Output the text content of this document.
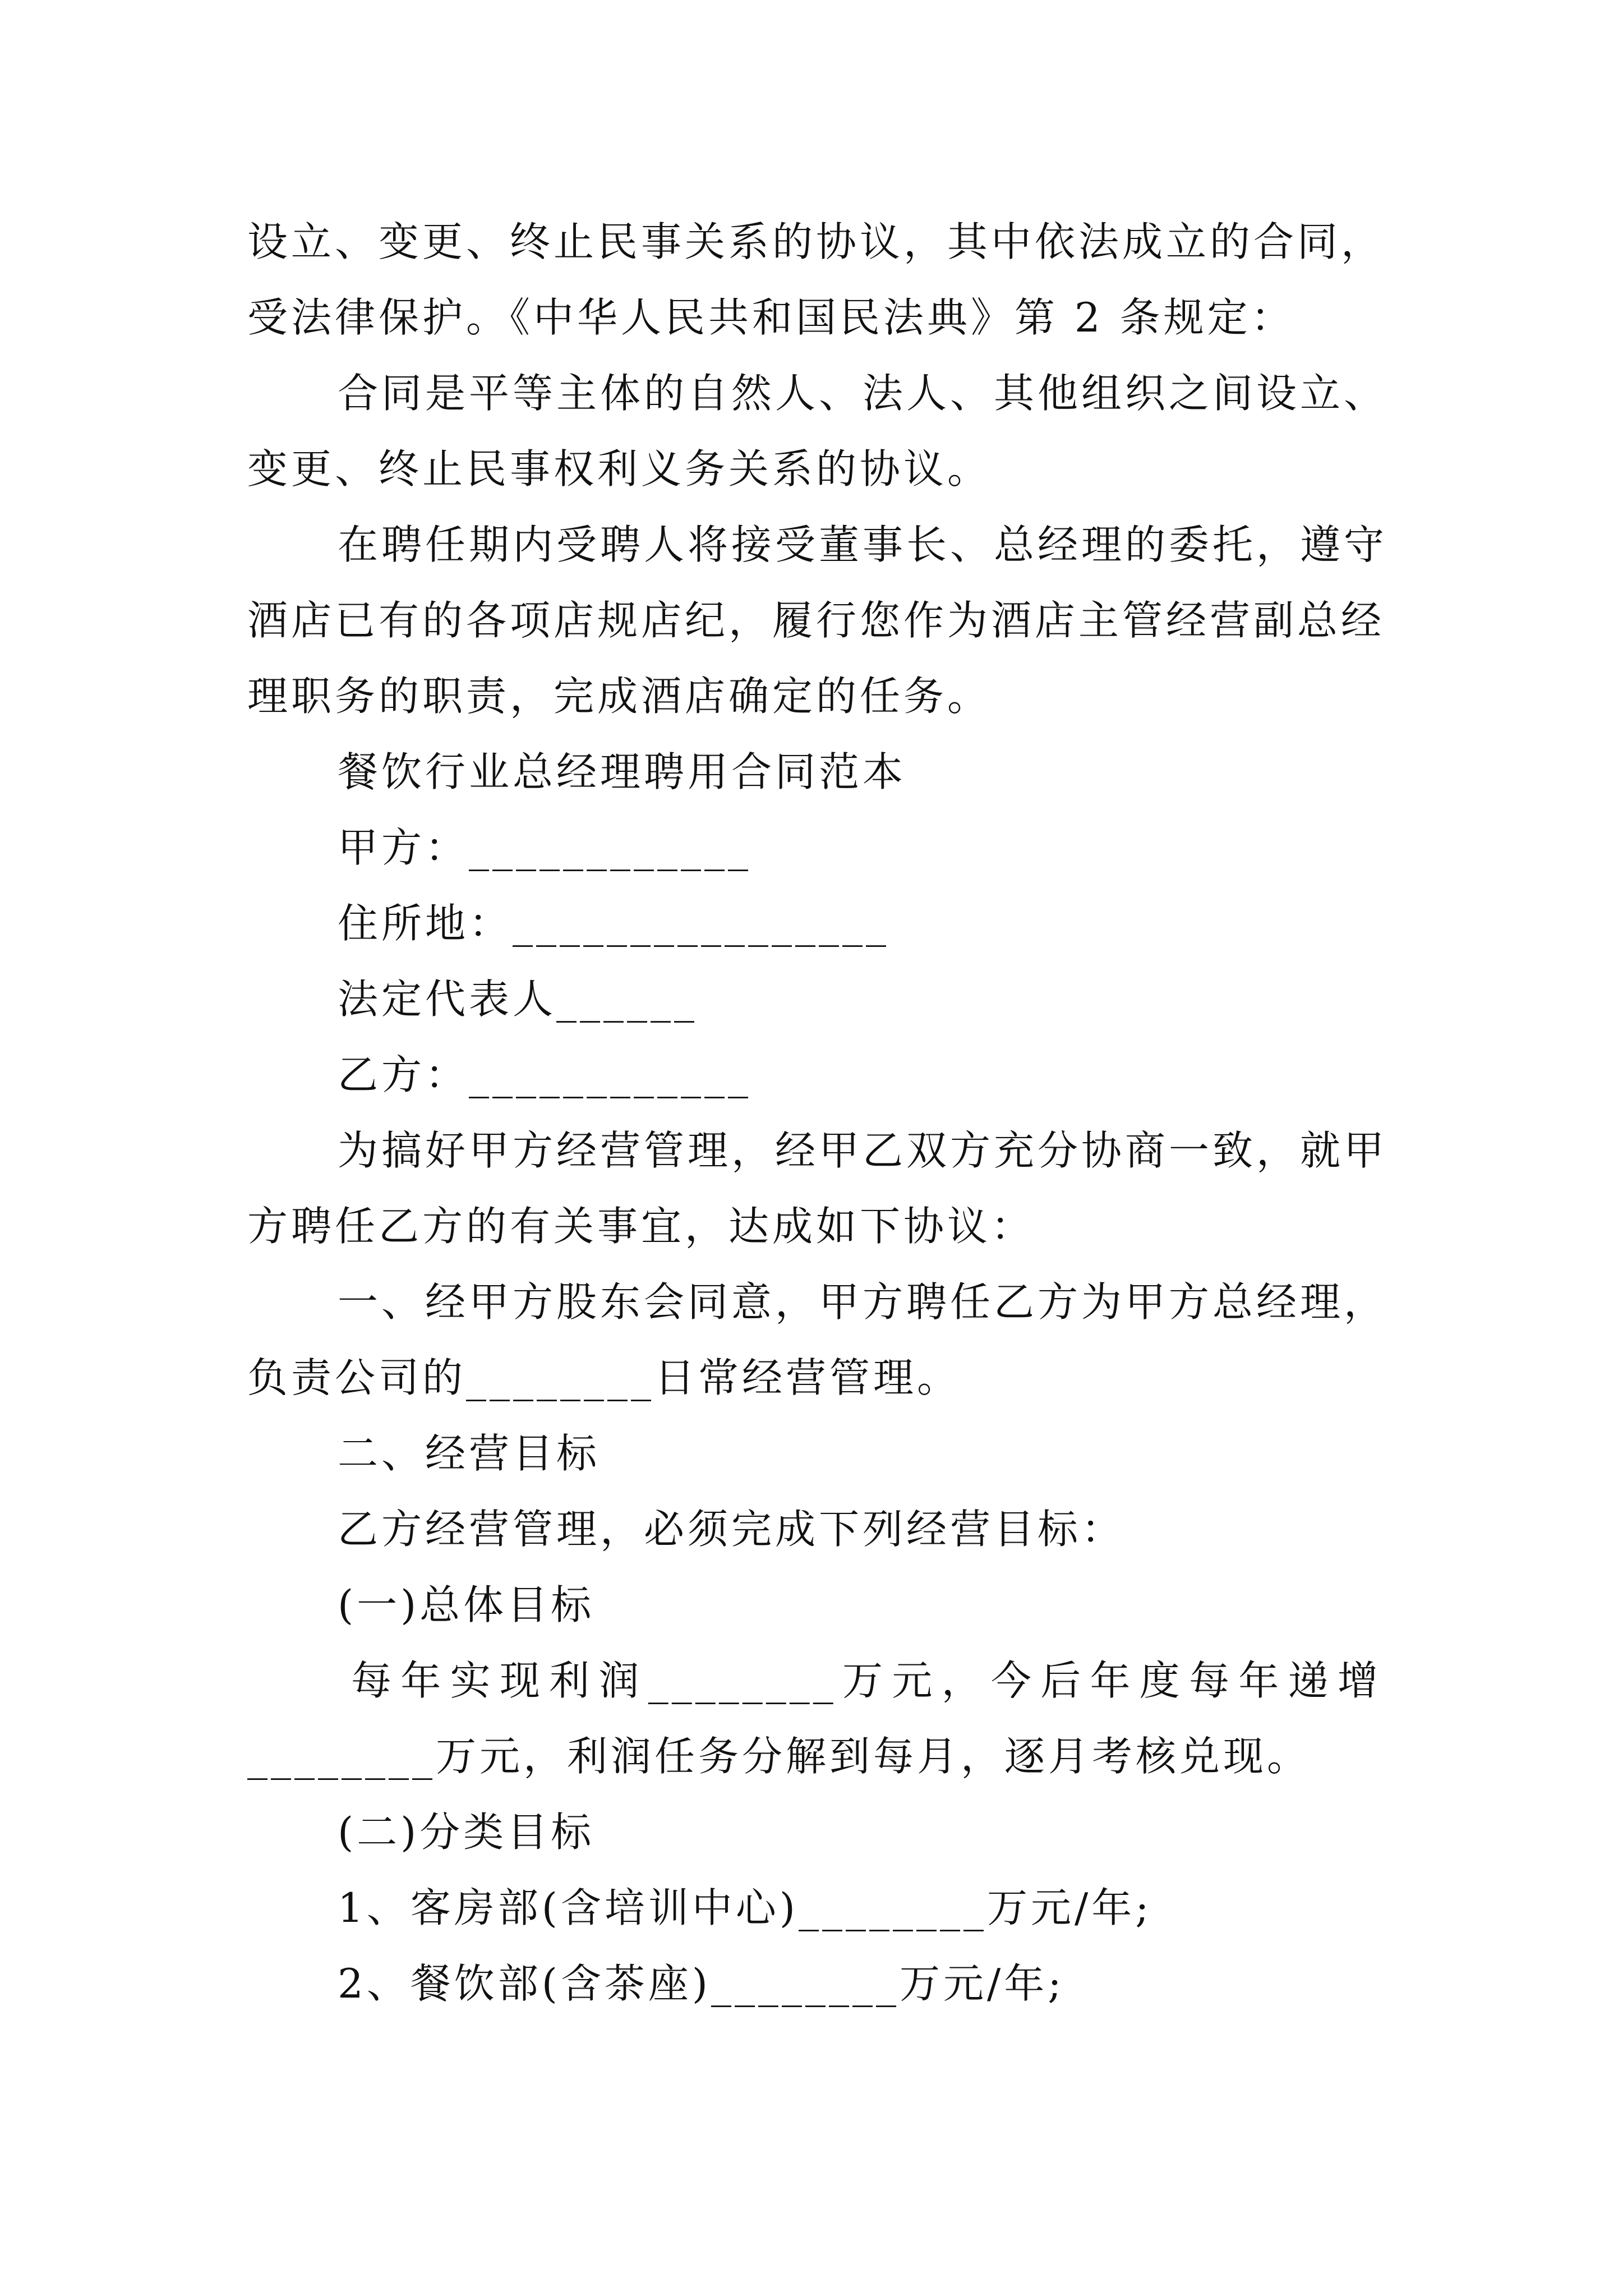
设立、变更、终止民事关系的协议，其中依法成立的合同，
受法律保护。《中华人民共和国民法典》第 2 条规定：
合同是平等主体的自然人、法人、其他组织之间设立、
变更、终止民事权利义务关系的协议。
在聘任期内受聘人将接受董事长、总经理的委托，遵守
酒店已有的各项店规店纪，履行您作为酒店主管经营副总经
理职务的职责，完成酒店确定的任务。
餐饮行业总经理聘用合同范本
甲方：____________
住所地：________________
法定代表人______
乙方：____________
为搞好甲方经营管理，经甲乙双方充分协商一致，就甲
方聘任乙方的有关事宜，达成如下协议：
一、经甲方股东会同意，甲方聘任乙方为甲方总经理，
负责公司的________日常经营管理。
二、经营目标
乙方经营管理，必须完成下列经营目标：
(一)总体目标
每年实现利润________万元，今后年度每年递增
________万元，利润任务分解到每月，逐月考核兑现。
(二)分类目标
1、客房部(含培训中心)________万元/年;
2、餐饮部(含茶座)________万元/年;
